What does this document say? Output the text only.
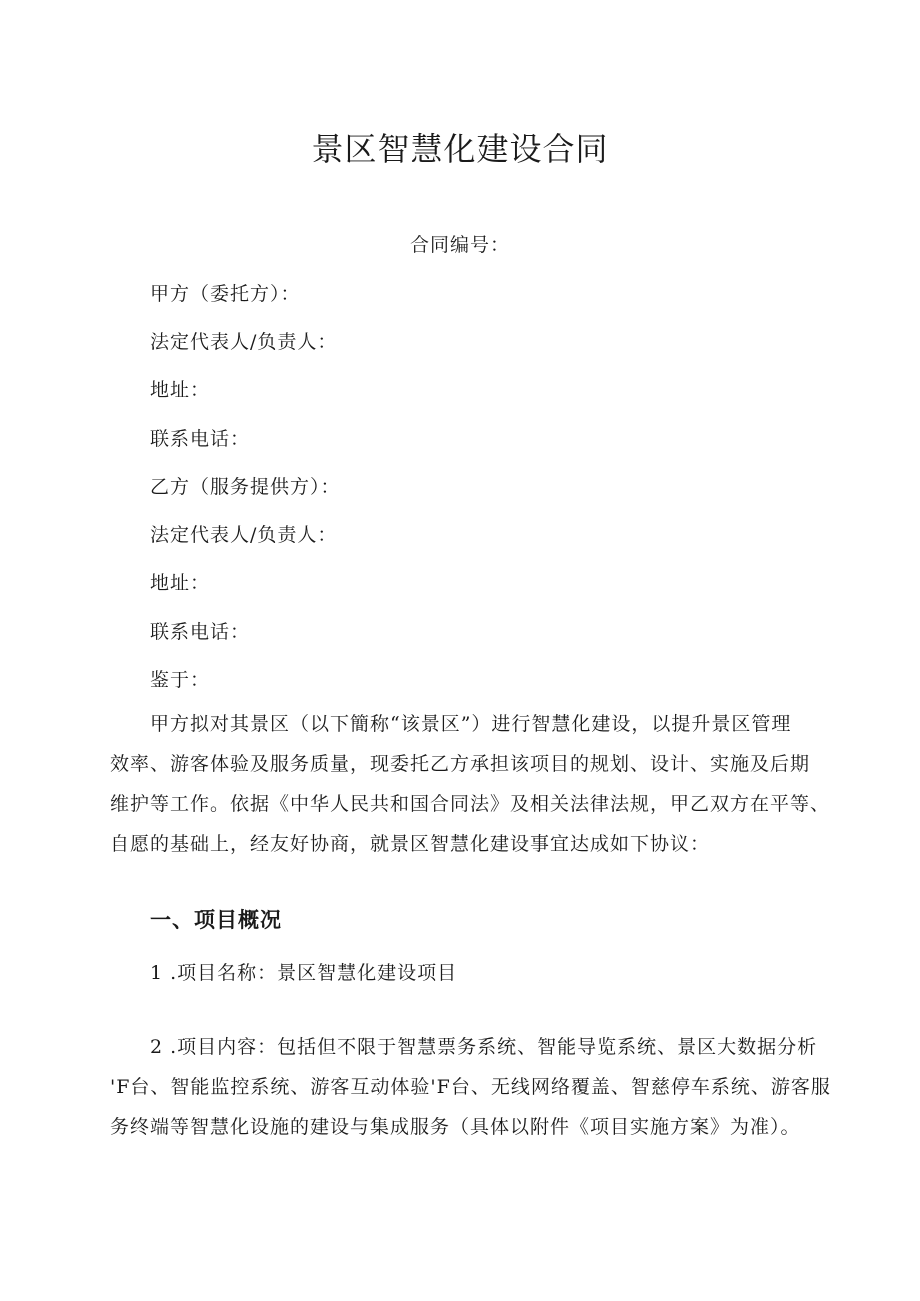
景区智慧化建设合同
合同编号：
甲方（委托方）：
法定代表人/负责人：
地址：
联系电话：
乙方（服务提供方）：
法定代表人/负责人：
地址：
联系电话：
鉴于：
甲方拟对其景区（以下簡称“该景区”）进行智慧化建设，以提升景区管理
效率、游客体验及服务质量，现委托乙方承担该项目的规划、设计、实施及后期
维护等工作。依据《中华人民共和国合同法》及相关法律法规，甲乙双方在平等、
自愿的基础上，经友好协商，就景区智慧化建设事宜达成如下协议：
一、项目概况
1 .项目名称：景区智慧化建设项目
2 .项目内容：包括但不限于智慧票务系统、智能导览系统、景区大数据分析
'F台、智能监控系统、游客互动体验'F台、无线网络覆盖、智慈停车系统、游客服
务终端等智慧化设施的建设与集成服务（具体以附件《项目实施方案》为准）。
